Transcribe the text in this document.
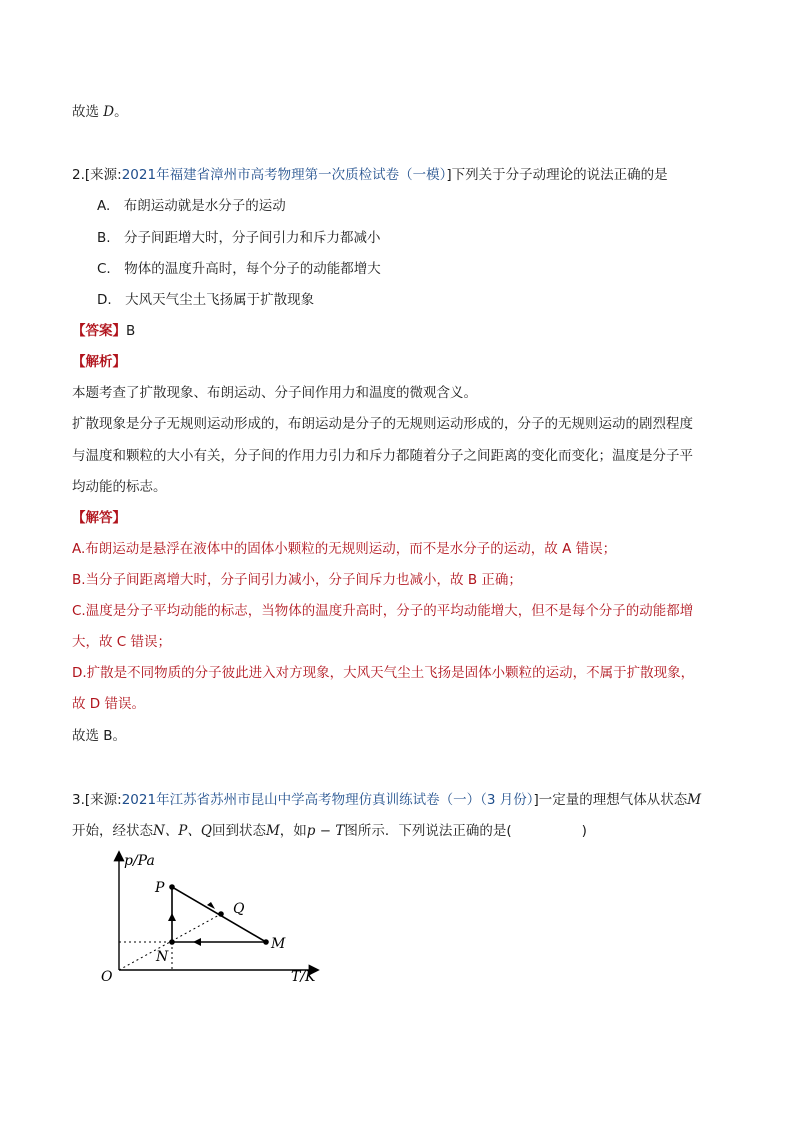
故选 D。
2.[来源:2021年福建省漳州市高考物理第一次质检试卷（一模）]下列关于分子动理论的说法正确的是
A.　布朗运动就是水分子的运动
B.　分子间距增大时，分子间引力和斥力都减小
C.　物体的温度升高时，每个分子的动能都增大
D.　大风天气尘土飞扬属于扩散现象
【答案】B
【解析】
本题考查了扩散现象、布朗运动、分子间作用力和温度的微观含义。
扩散现象是分子无规则运动形成的，布朗运动是分子的无规则运动形成的，分子的无规则运动的剧烈程度
与温度和颗粒的大小有关，分子间的作用力引力和斥力都随着分子之间距离的变化而变化；温度是分子平
均动能的标志。
【解答】
A.布朗运动是悬浮在液体中的固体小颗粒的无规则运动，而不是水分子的运动，故 A 错误；
B.当分子间距离增大时，分子间引力减小，分子间斥力也减小，故 B 正确；
C.温度是分子平均动能的标志，当物体的温度升高时，分子的平均动能增大，但不是每个分子的动能都增
大，故 C 错误；
D.扩散是不同物质的分子彼此进入对方现象，大风天气尘土飞扬是固体小颗粒的运动，不属于扩散现象，
故 D 错误。
故选 B。
3.[来源:2021年江苏省苏州市昆山中学高考物理仿真训练试卷（一）（3 月份）]一定量的理想气体从状态M
开始，经状态N、P、Q回到状态M，如p − T图所示．下列说法正确的是(	)
p/Pa
T/K
O
P
Q
N
M
